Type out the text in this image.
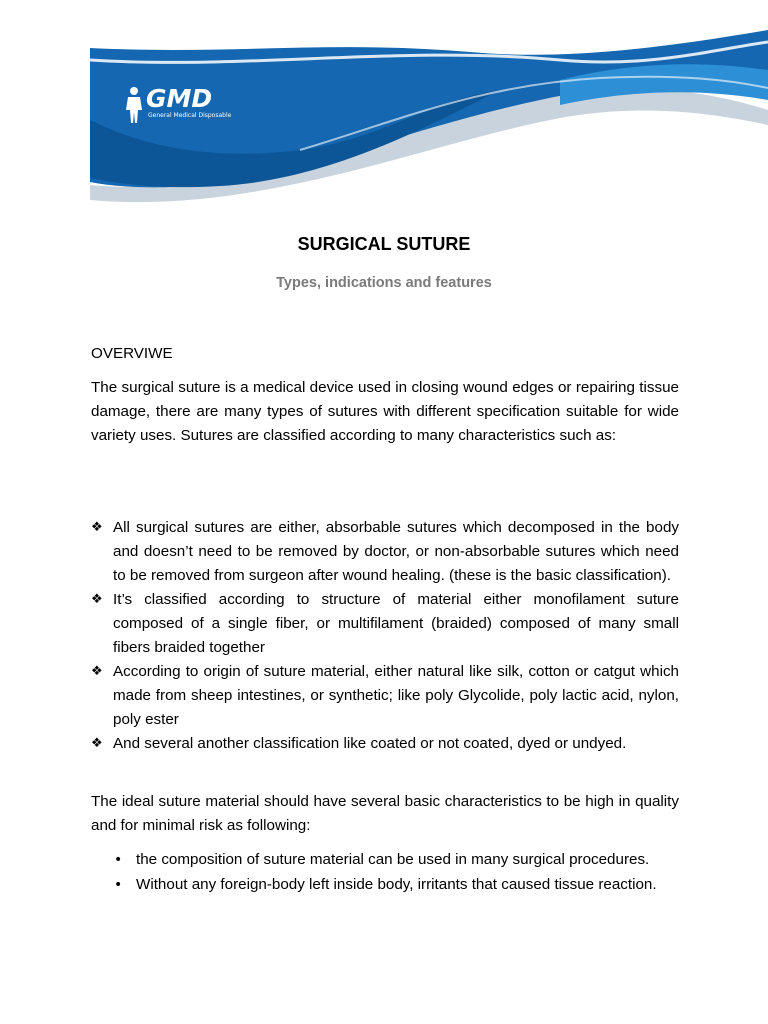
GMD
General Medical Disposable
SURGICAL SUTURE
Types, indications and features
OVERVIWE
The surgical suture is a medical device used in closing wound edges or repairing tissue damage, there are many types of sutures with different specification suitable for wide variety uses. Sutures are classified according to many characteristics such as:
❖ All surgical sutures are either, absorbable sutures which decomposed in the body and doesn’t need to be removed by doctor, or non-absorbable sutures which need to be removed from surgeon after wound healing. (these is the basic classification).
❖ It’s classified according to structure of material either monofilament suture composed of a single fiber, or multifilament (braided) composed of many small fibers braided together
❖ According to origin of suture material, either natural like silk, cotton or catgut which made from sheep intestines, or synthetic; like poly Glycolide, poly lactic acid, nylon, poly ester
❖ And several another classification like coated or not coated, dyed or undyed.
The ideal suture material should have several basic characteristics to be high in quality and for minimal risk as following:
• the composition of suture material can be used in many surgical procedures.
• Without any foreign-body left inside body, irritants that caused tissue reaction.
